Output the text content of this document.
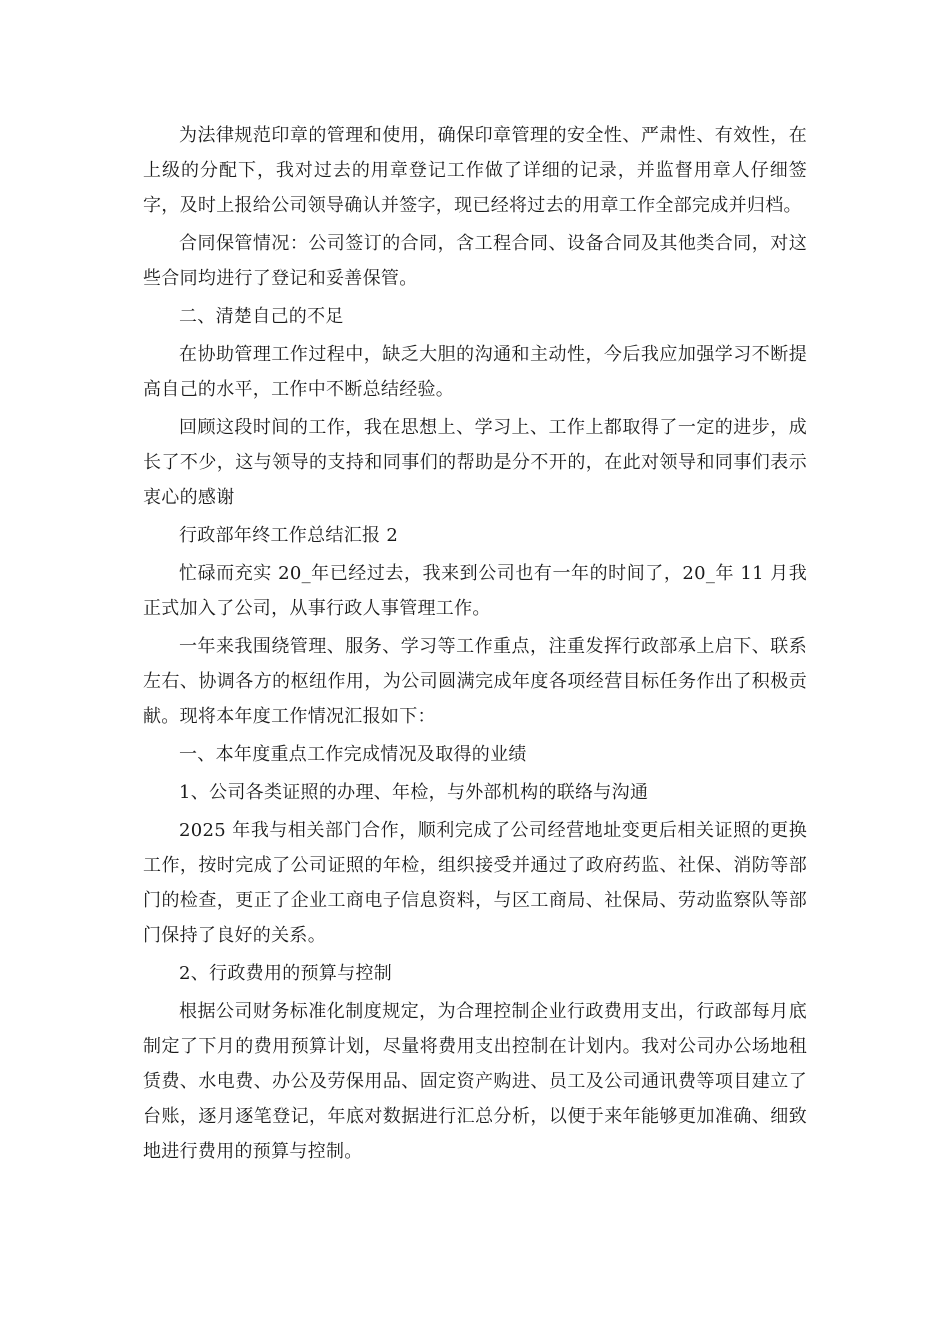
为法律规范印章的管理和使用，确保印章管理的安全性、严肃性、有效性，在上级的分配下，我对过去的用章登记工作做了详细的记录，并监督用章人仔细签字，及时上报给公司领导确认并签字，现已经将过去的用章工作全部完成并归档。

合同保管情况：公司签订的合同，含工程合同、设备合同及其他类合同，对这些合同均进行了登记和妥善保管。

二、清楚自己的不足

在协助管理工作过程中，缺乏大胆的沟通和主动性，今后我应加强学习不断提高自己的水平，工作中不断总结经验。

回顾这段时间的工作，我在思想上、学习上、工作上都取得了一定的进步，成长了不少，这与领导的支持和同事们的帮助是分不开的，在此对领导和同事们表示衷心的感谢

行政部年终工作总结汇报 2

忙碌而充实 20_年已经过去，我来到公司也有一年的时间了，20_年 11 月我正式加入了公司，从事行政人事管理工作。

一年来我围绕管理、服务、学习等工作重点，注重发挥行政部承上启下、联系左右、协调各方的枢纽作用，为公司圆满完成年度各项经营目标任务作出了积极贡献。现将本年度工作情况汇报如下：

一、本年度重点工作完成情况及取得的业绩

1、公司各类证照的办理、年检，与外部机构的联络与沟通

2025 年我与相关部门合作，顺利完成了公司经营地址变更后相关证照的更换工作，按时完成了公司证照的年检，组织接受并通过了政府药监、社保、消防等部门的检查，更正了企业工商电子信息资料，与区工商局、社保局、劳动监察队等部门保持了良好的关系。

2、行政费用的预算与控制

根据公司财务标准化制度规定，为合理控制企业行政费用支出，行政部每月底制定了下月的费用预算计划，尽量将费用支出控制在计划内。我对公司办公场地租赁费、水电费、办公及劳保用品、固定资产购进、员工及公司通讯费等项目建立了台账，逐月逐笔登记，年底对数据进行汇总分析，以便于来年能够更加准确、细致地进行费用的预算与控制。
